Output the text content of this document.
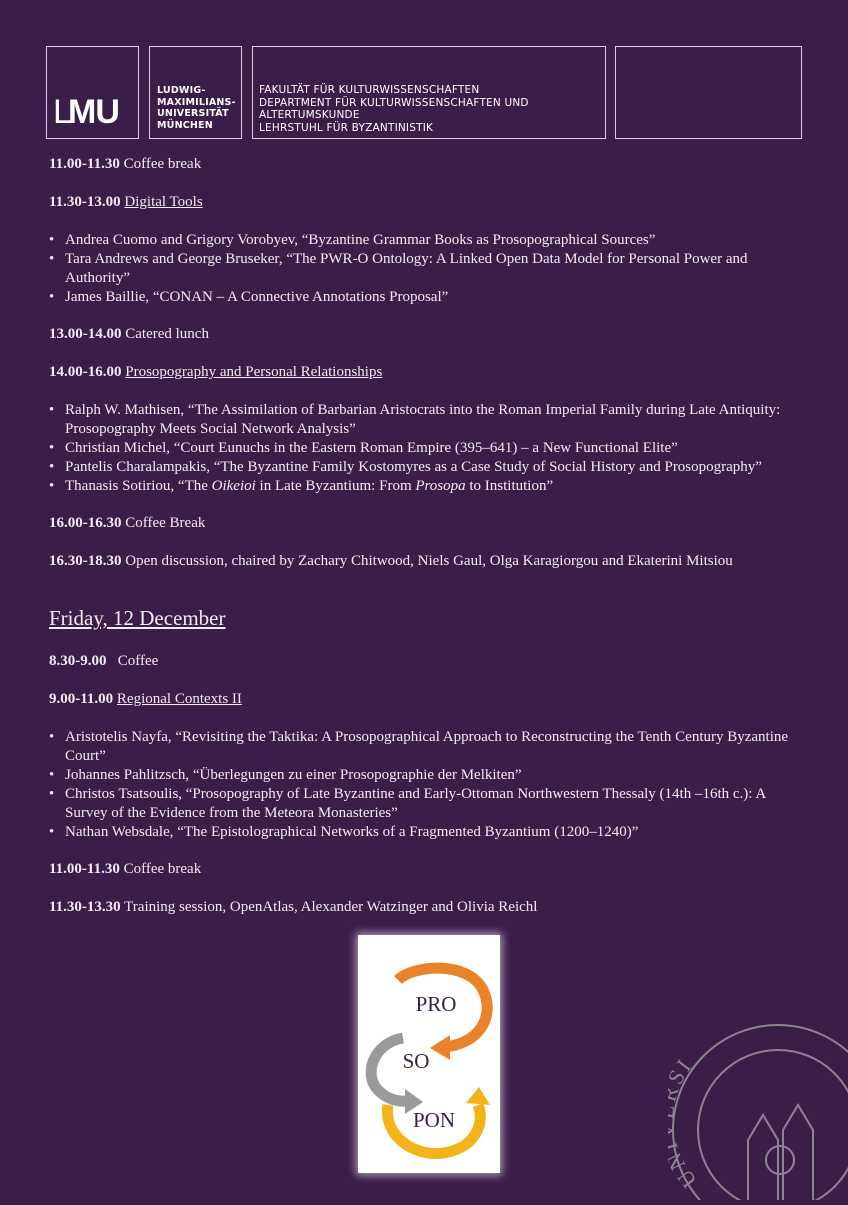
L
MU
LUDWIG-
MAXIMILIANS-
UNIVERSITÄT
MÜNCHEN
FAKULTÄT FÜR KULTURWISSENSCHAFTEN
DEPARTMENT FÜR KULTURWISSENSCHAFTEN UND
ALTERTUMSKUNDE
LEHRSTUHL FÜR BYZANTINISTIK
11.00-11.30 Coffee break
11.30-13.00 Digital Tools
• Andrea Cuomo and Grigory Vorobyev, “Byzantine Grammar Books as Prosopographical Sources”
• Tara Andrews and George Bruseker, “The PWR-O Ontology: A Linked Open Data Model for Personal Power and Authority”
• James Baillie, “CONAN – A Connective Annotations Proposal”
13.00-14.00 Catered lunch
14.00-16.00 Prosopography and Personal Relationships
• Ralph W. Mathisen, “The Assimilation of Barbarian Aristocrats into the Roman Imperial Family during Late Antiquity: Prosopography Meets Social Network Analysis”
• Christian Michel, “Court Eunuchs in the Eastern Roman Empire (395–641) – a New Functional Elite”
• Pantelis Charalampakis, “The Byzantine Family Kostomyres as a Case Study of Social History and Prosopography”
• Thanasis Sotiriou, “The Oikeioi in Late Byzantium: From Prosopa to Institution”
16.00-16.30 Coffee Break
16.30-18.30 Open discussion, chaired by Zachary Chitwood, Niels Gaul, Olga Karagiorgou and Ekaterini Mitsiou
Friday, 12 December
8.30-9.00   Coffee
9.00-11.00 Regional Contexts II
• Aristotelis Nayfa, “Revisiting the Taktika: A Prosopographical Approach to Reconstructing the Tenth Century Byzantine Court”
• Johannes Pahlitzsch, “Überlegungen zu einer Prosopographie der Melkiten”
• Christos Tsatsoulis, “Prosopography of Late Byzantine and Early-Ottoman Northwestern Thessaly (14th –16th c.): A Survey of the Evidence from the Meteora Monasteries”
• Nathan Websdale, “The Epistolographical Networks of a Fragmented Byzantium (1200–1240)”
11.00-11.30 Coffee break
11.30-13.30 Training session, OpenAtlas, Alexander Watzinger and Olivia Reichl
PRO
SO
PON
U I
